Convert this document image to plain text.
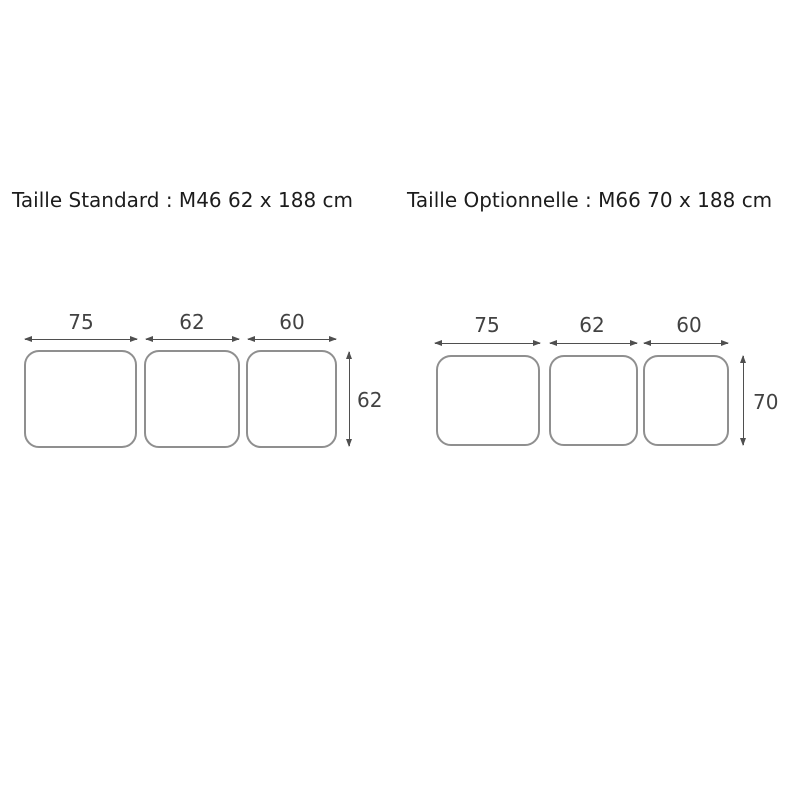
Taille Standard : M46 62 x 188 cm
75	62	60
62
Taille Optionnelle : M66 70 x 188 cm
75	62	60
70
